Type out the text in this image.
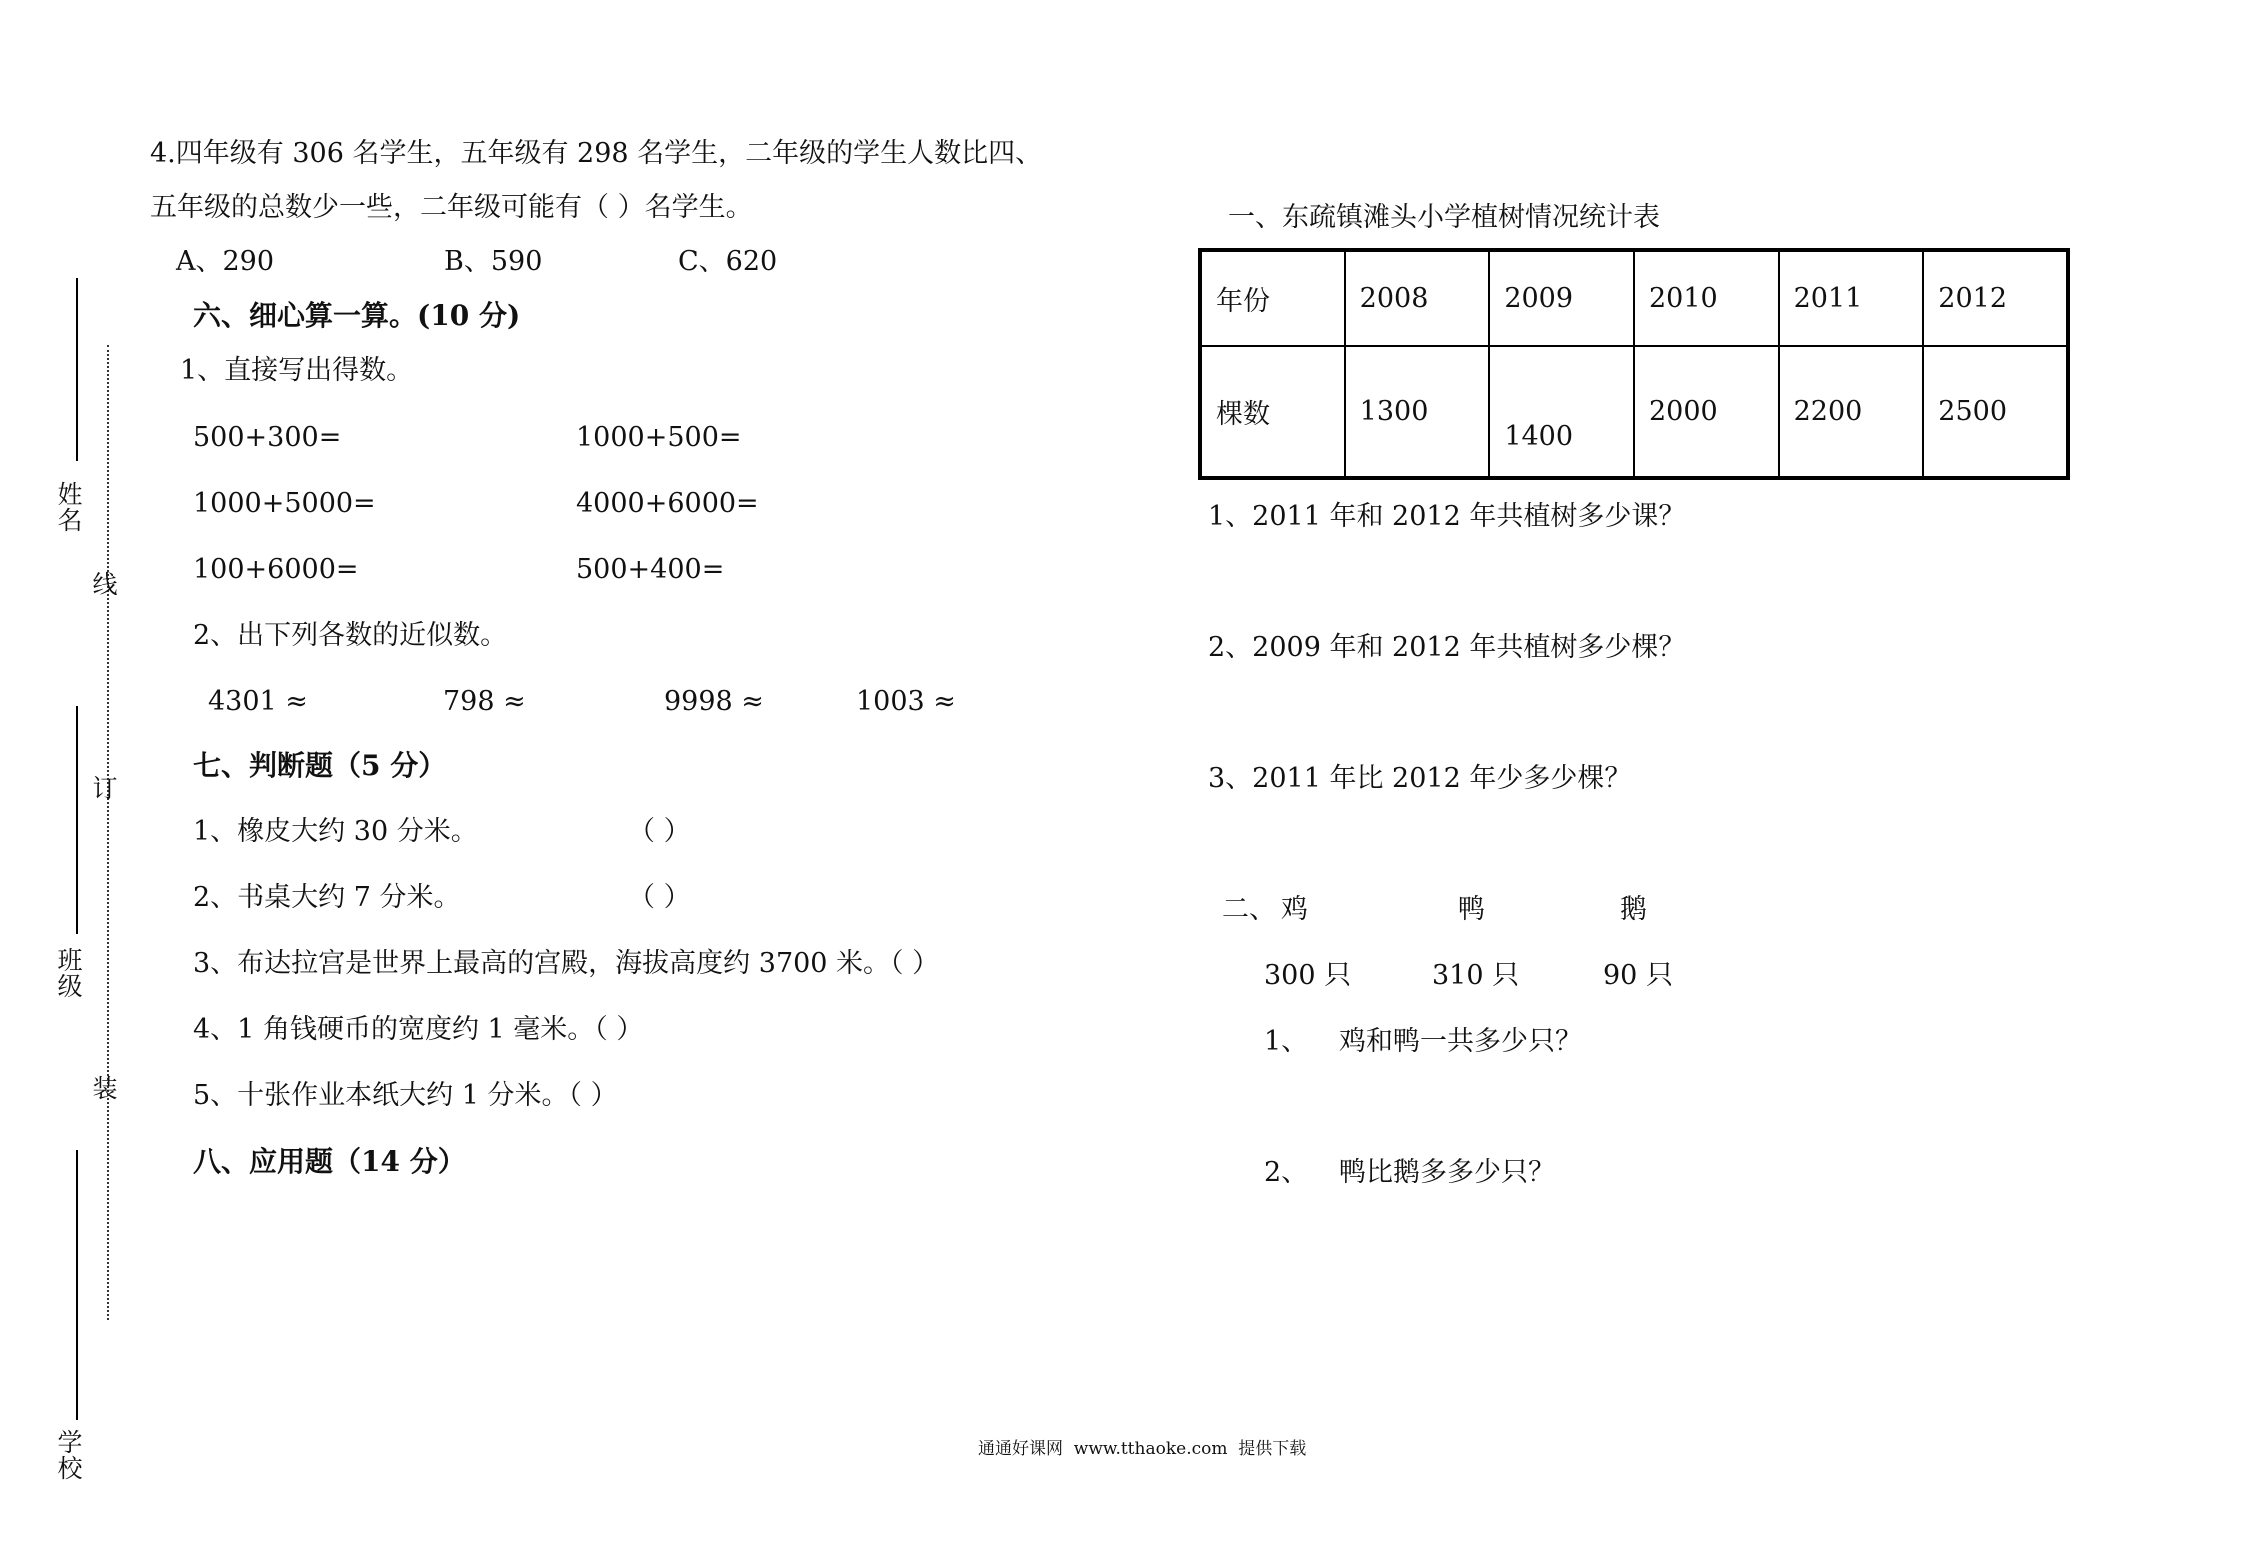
姓名
班级
学校
线
订
装
4.四年级有 306 名学生，五年级有 298 名学生，二年级的学生人数比四、
五年级的总数少一些，二年级可能有（ ）名学生。
A、290	B、590	C、620
六、细心算一算。(10 分)
1、直接写出得数。
500+300=	1000+500=
1000+5000=	4000+6000=
100+6000=	500+400=
2、出下列各数的近似数。
4301 ≈	798 ≈	9998 ≈	1003 ≈
七、判断题（5 分）
1、橡皮大约 30 分米。	（ ）
2、书桌大约 7 分米。	（ ）
3、布达拉宫是世界上最高的宫殿，海拔高度约 3700 米。（ ）
4、1 角钱硬币的宽度约 1 毫米。（ ）
5、十张作业本纸大约 1 分米。（ ）
八、应用题（14 分）
一、东疏镇滩头小学植树情况统计表
年份	2008	2009	2010	2011	2012
棵数	1300	1400	2000	2200	2500
1、2011 年和 2012 年共植树多少课？
2、2009 年和 2012 年共植树多少棵？
3、2011 年比 2012 年少多少棵？
二、 鸡	鸭	鹅
300 只	310 只	90 只
1、 鸡和鸭一共多少只？
2、 鸭比鹅多多少只？
通通好课网  www.tthaoke.com  提供下载
